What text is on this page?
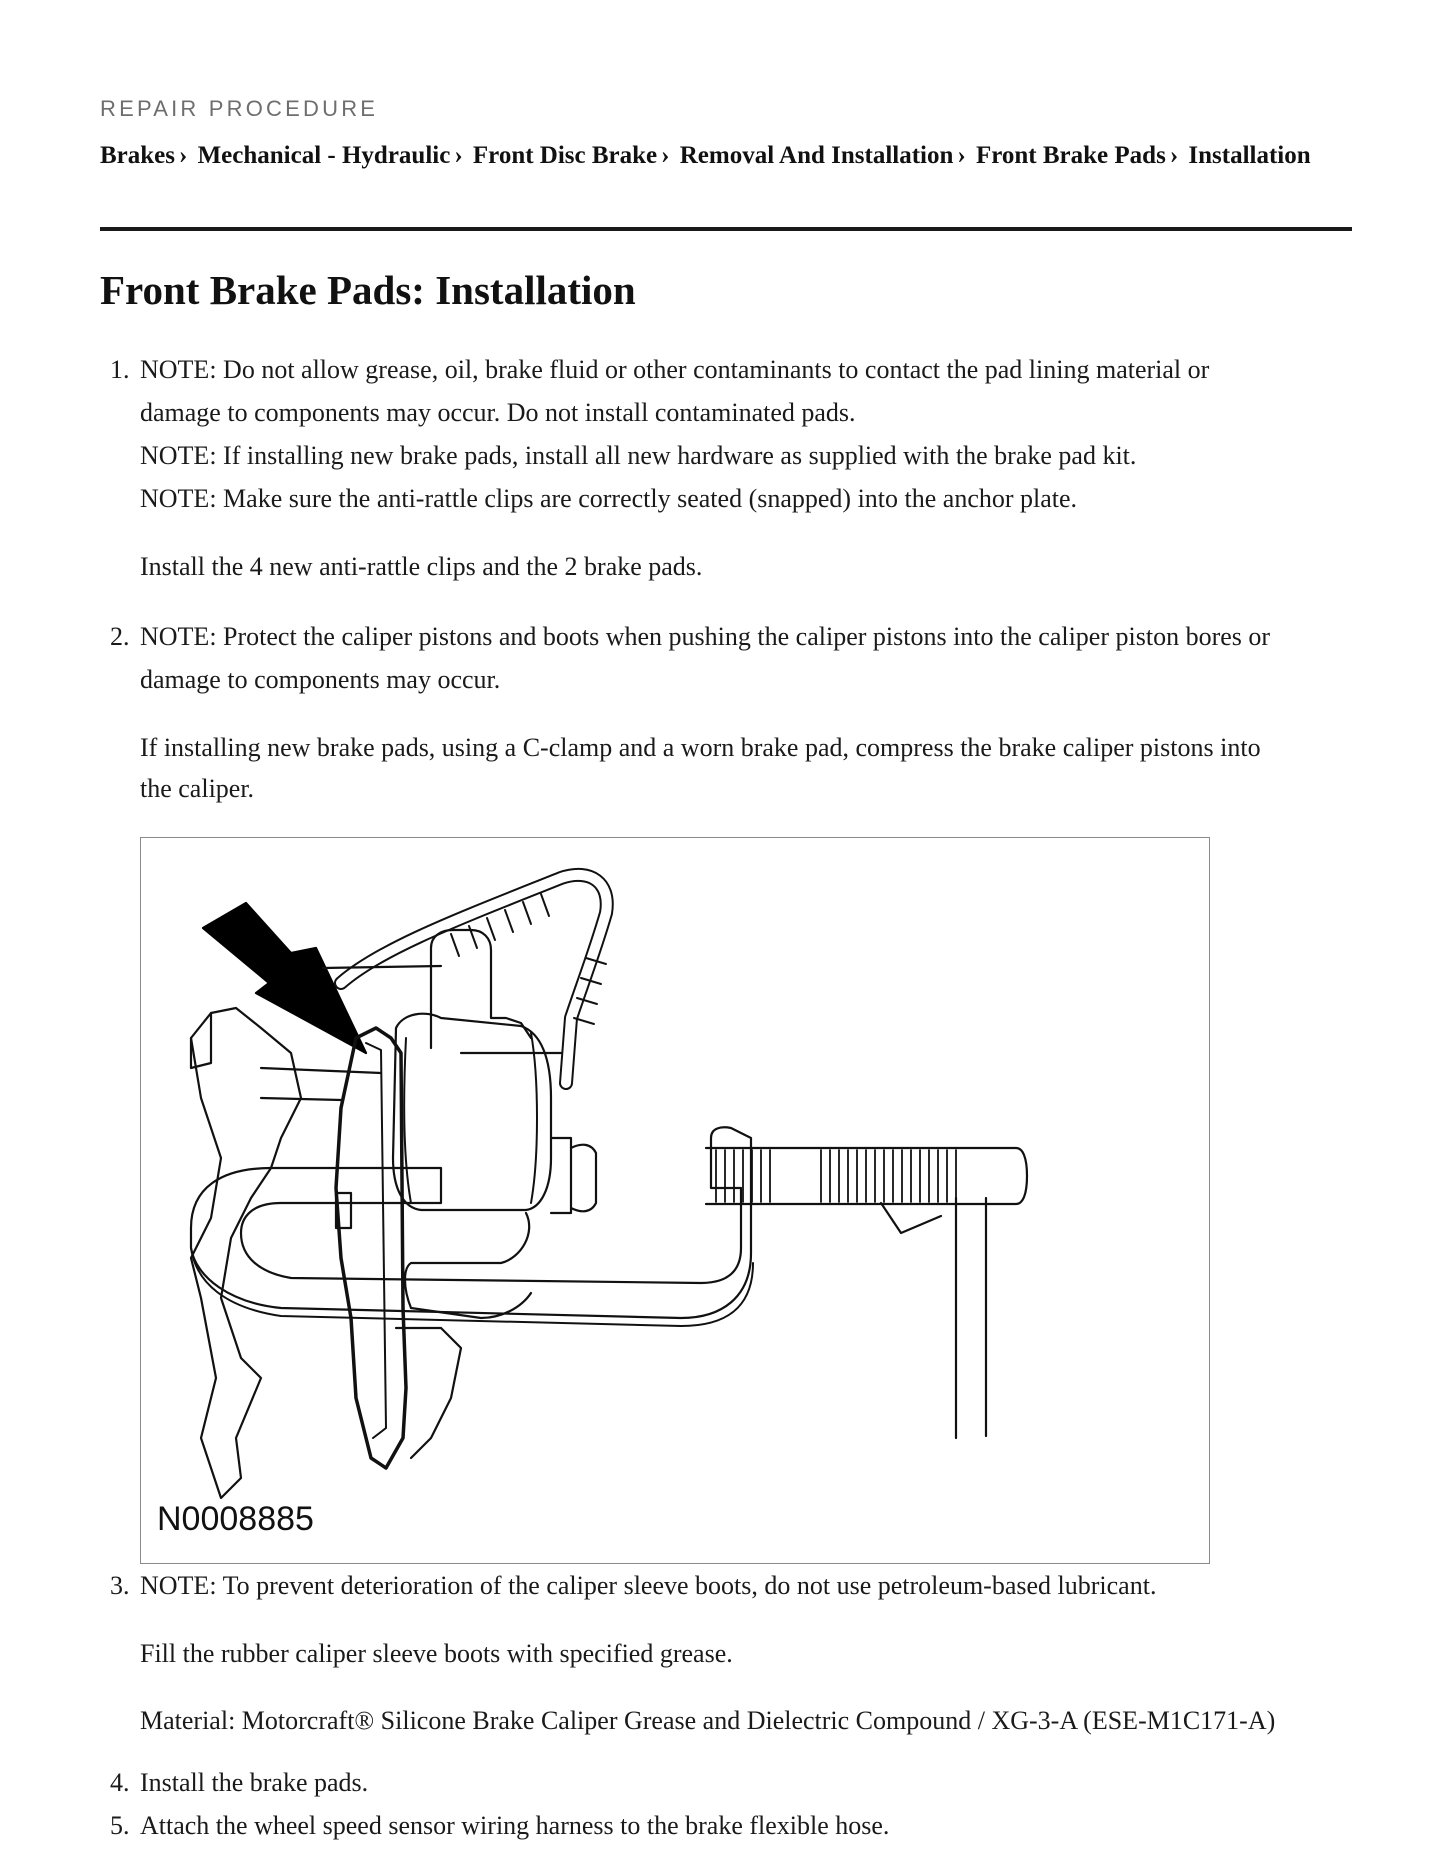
REPAIR PROCEDURE
Brakes › Mechanical - Hydraulic › Front Disc Brake › Removal And Installation › Front Brake Pads › Installation
Front Brake Pads: Installation
1. NOTE: Do not allow grease, oil, brake fluid or other contaminants to contact the pad lining material or
damage to components may occur. Do not install contaminated pads.
NOTE: If installing new brake pads, install all new hardware as supplied with the brake pad kit.
NOTE: Make sure the anti-rattle clips are correctly seated (snapped) into the anchor plate.
Install the 4 new anti-rattle clips and the 2 brake pads.
2. NOTE: Protect the caliper pistons and boots when pushing the caliper pistons into the caliper piston bores or
damage to components may occur.
If installing new brake pads, using a C-clamp and a worn brake pad, compress the brake caliper pistons into
the caliper.
N0008885
3. NOTE: To prevent deterioration of the caliper sleeve boots, do not use petroleum-based lubricant.
Fill the rubber caliper sleeve boots with specified grease.
Material: Motorcraft® Silicone Brake Caliper Grease and Dielectric Compound / XG-3-A (ESE-M1C171-A)
4. Install the brake pads.
5. Attach the wheel speed sensor wiring harness to the brake flexible hose.
